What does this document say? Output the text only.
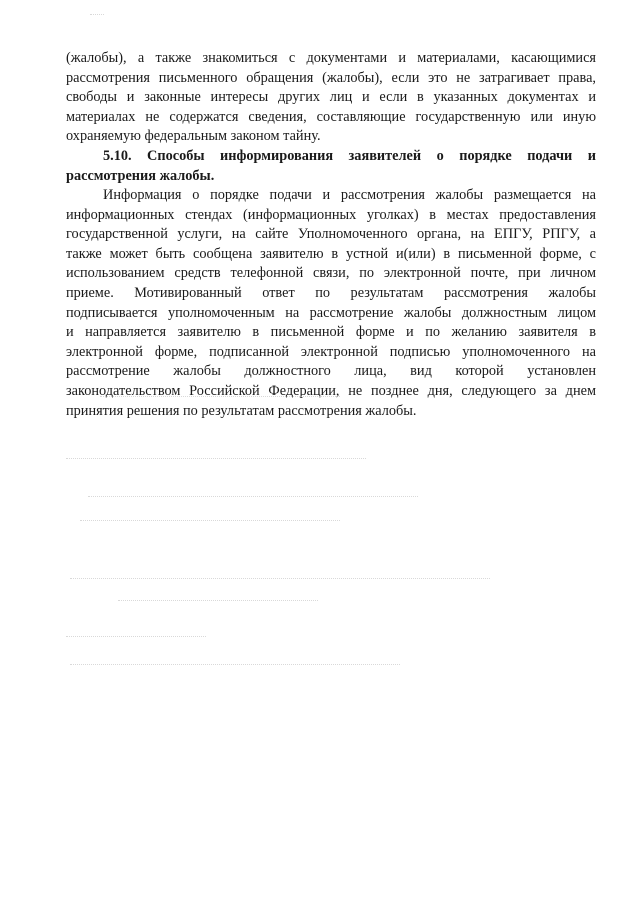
(жалобы), а также знакомиться с документами и материалами, касающимися
рассмотрения письменного обращения (жалобы), если это не затрагивает права,
свободы и законные интересы других лиц и если в указанных документах и
материалах не содержатся сведения, составляющие государственную или иную
охраняемую федеральным законом тайну.
5.10. Способы информирования заявителей о порядке подачи и
рассмотрения жалобы.
Информация о порядке подачи и рассмотрения жалобы размещается на
информационных стендах (информационных уголках) в местах предоставления
государственной услуги, на сайте Уполномоченного органа, на ЕПГУ, РПГУ, а
также может быть сообщена заявителю в устной и(или) в письменной форме, с
использованием средств телефонной связи, по электронной почте, при личном
приеме. Мотивированный ответ по результатам рассмотрения жалобы
подписывается уполномоченным на рассмотрение жалобы должностным лицом
и направляется заявителю в письменной форме и по желанию заявителя в
электронной форме, подписанной электронной подписью уполномоченного на
рассмотрение жалобы должностного лица, вид которой установлен
законодательством Российской Федерации, не позднее дня, следующего за днем
принятия решения по результатам рассмотрения жалобы.
